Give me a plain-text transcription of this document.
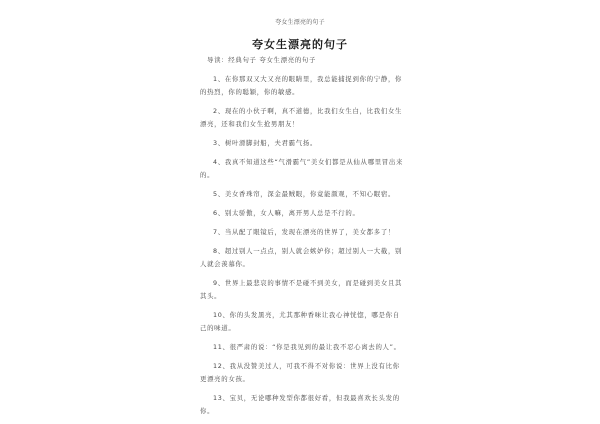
夸女生漂亮的句子
夸女生漂亮的句子

导读：经典句子 夸女生漂亮的句子

1、在你那双又大又亮的眼睛里，我总能捕捉到你的宁静，你的热烈，你的聪颖，你的敏感。

2、现在的小伙子啊，真不道德，比我们女生白，比我们女生漂亮，还和我们女生抢男朋友！

3、树叶滑脚封船，夫君霸气扬。

4、我真不知道这些“气滑霸气”美女们都是从仙从哪里冒出来的。

5、美女香珠帘，深金最贼眼，你竟能颜观，不知心眠宿。

6、别太骄傲，女人嘛，离开男人总是不行的。

7、当从配了眼镜后，发现在漂亮的世界了，美女都多了！

8、超过别人一点点，别人就会嫉妒你；超过别人一大截，别人就会羡慕你。

9、世界上最悲哀的事情不是碰不到美女，而是碰到美女且其其头。

10、你的头发黑亮，尤其那种香味让我心神恍惚，哪是你自己的味道。

11、很严肃的说：“你是我见到的最让我不忍心离去的人”。

12、我从没赞美过人，可我不得不对你说：世界上没有比你更漂亮的女孩。

13、宝贝，无论哪种发型你都很好看，但我最喜欢长头发的你。
